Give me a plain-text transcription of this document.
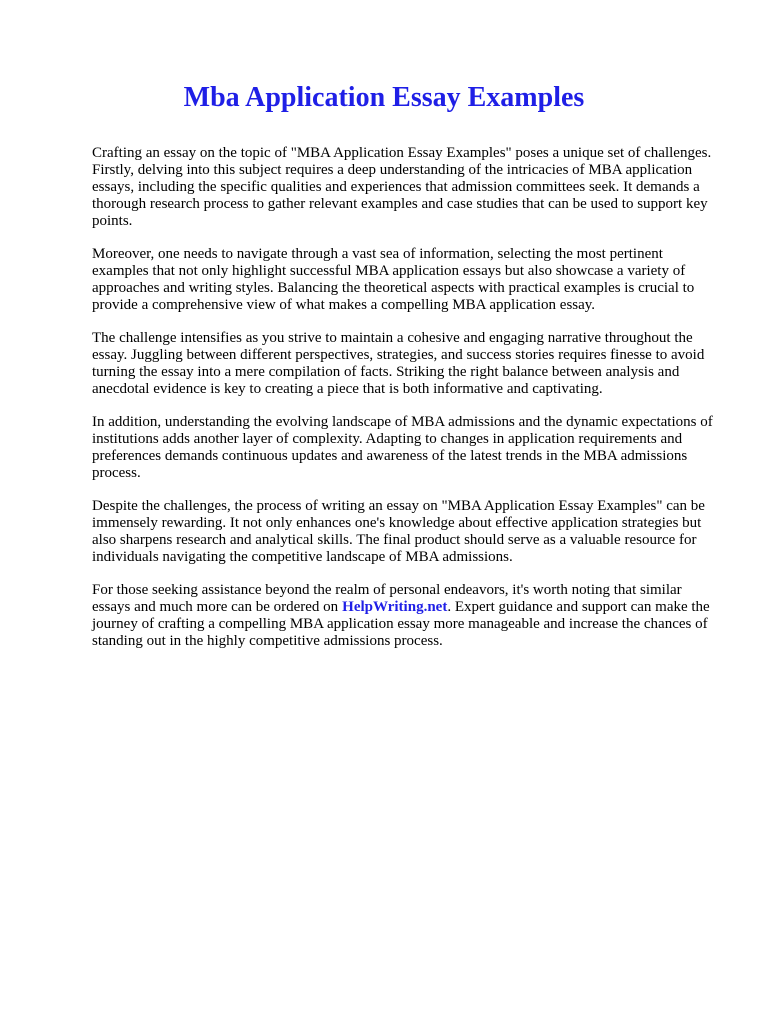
Mba Application Essay Examples

Crafting an essay on the topic of "MBA Application Essay Examples" poses a unique set of challenges. Firstly, delving into this subject requires a deep understanding of the intricacies of MBA application essays, including the specific qualities and experiences that admission committees seek. It demands a thorough research process to gather relevant examples and case studies that can be used to support key points.

Moreover, one needs to navigate through a vast sea of information, selecting the most pertinent examples that not only highlight successful MBA application essays but also showcase a variety of approaches and writing styles. Balancing the theoretical aspects with practical examples is crucial to provide a comprehensive view of what makes a compelling MBA application essay.

The challenge intensifies as you strive to maintain a cohesive and engaging narrative throughout the essay. Juggling between different perspectives, strategies, and success stories requires finesse to avoid turning the essay into a mere compilation of facts. Striking the right balance between analysis and anecdotal evidence is key to creating a piece that is both informative and captivating.

In addition, understanding the evolving landscape of MBA admissions and the dynamic expectations of institutions adds another layer of complexity. Adapting to changes in application requirements and preferences demands continuous updates and awareness of the latest trends in the MBA admissions process.

Despite the challenges, the process of writing an essay on "MBA Application Essay Examples" can be immensely rewarding. It not only enhances one's knowledge about effective application strategies but also sharpens research and analytical skills. The final product should serve as a valuable resource for individuals navigating the competitive landscape of MBA admissions.

For those seeking assistance beyond the realm of personal endeavors, it's worth noting that similar essays and much more can be ordered on HelpWriting.net. Expert guidance and support can make the journey of crafting a compelling MBA application essay more manageable and increase the chances of standing out in the highly competitive admissions process.
